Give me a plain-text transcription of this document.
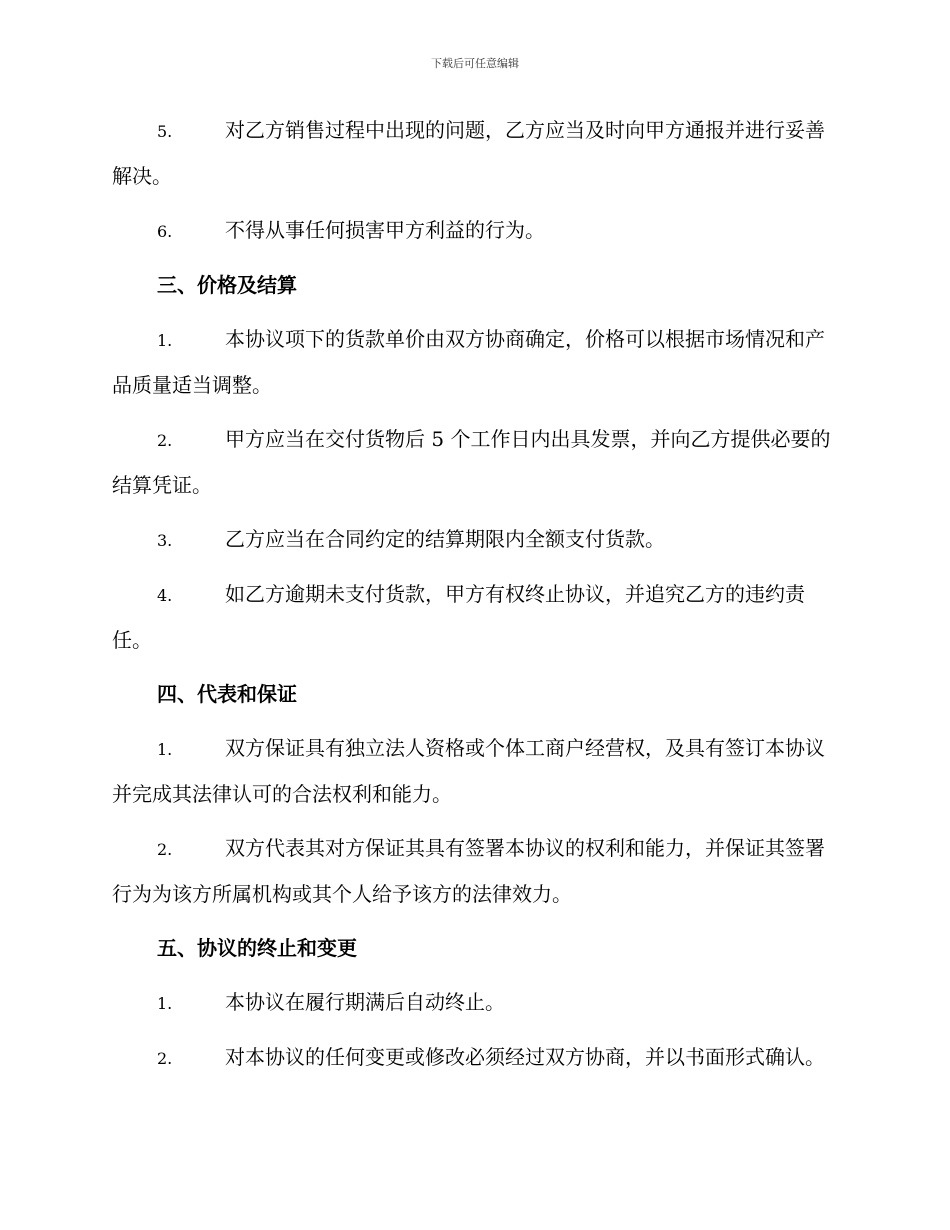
下载后可任意编辑

5.	对乙方销售过程中出现的问题，乙方应当及时向甲方通报并进行妥善解决。

6.	不得从事任何损害甲方利益的行为。

三、价格及结算

1.	本协议项下的货款单价由双方协商确定，价格可以根据市场情况和产品质量适当调整。

2.	甲方应当在交付货物后 5 个工作日内出具发票，并向乙方提供必要的结算凭证。

3.	乙方应当在合同约定的结算期限内全额支付货款。

4.	如乙方逾期未支付货款，甲方有权终止协议，并追究乙方的违约责任。

四、代表和保证

1.	双方保证具有独立法人资格或个体工商户经营权，及具有签订本协议并完成其法律认可的合法权利和能力。

2.	双方代表其对方保证其具有签署本协议的权利和能力，并保证其签署行为为该方所属机构或其个人给予该方的法律效力。

五、协议的终止和变更

1.	本协议在履行期满后自动终止。

2.	对本协议的任何变更或修改必须经过双方协商，并以书面形式确认。
